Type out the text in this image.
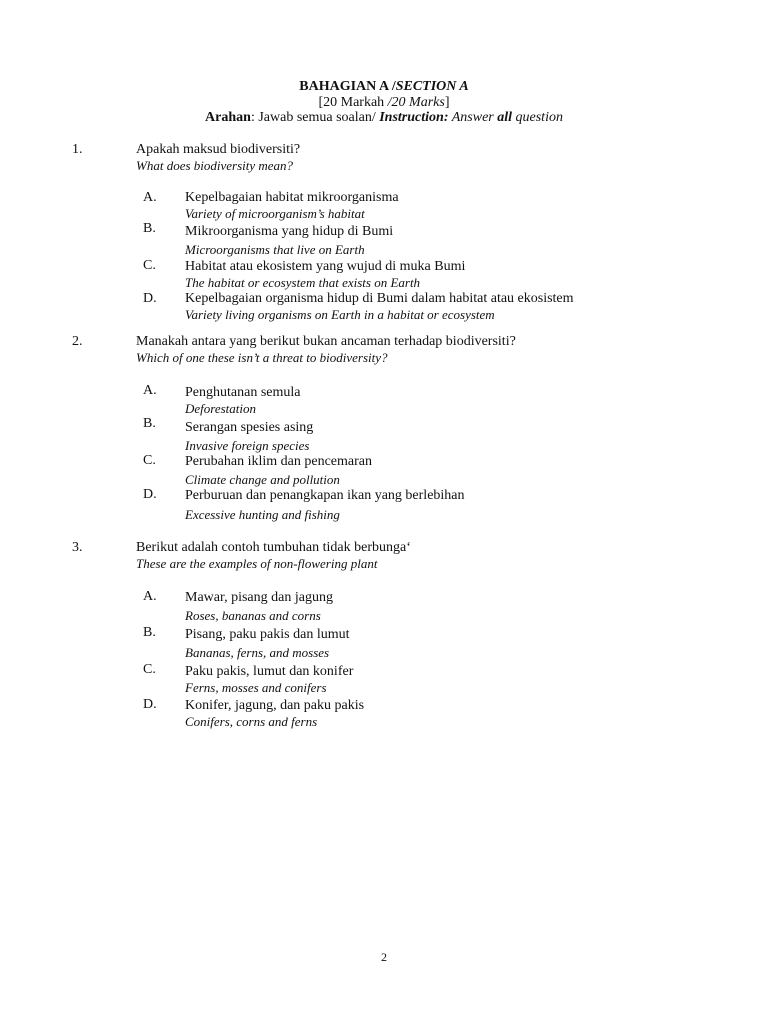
BAHAGIAN A /SECTION A
[20 Markah /20 Marks]
Arahan: Jawab semua soalan/ Instruction: Answer all question
1.	Apakah maksud biodiversiti?
What does biodiversity mean?
A. Kepelbagaian habitat mikroorganisma
Variety of microorganism’s habitat
B. Mikroorganisma yang hidup di Bumi
Microorganisms that live on Earth
C. Habitat atau ekosistem yang wujud di muka Bumi
The habitat or ecosystem that exists on Earth
D. Kepelbagaian organisma hidup di Bumi dalam habitat atau ekosistem
Variety living organisms on Earth in a habitat or ecosystem
2.	Manakah antara yang berikut bukan ancaman terhadap biodiversiti?
Which of one these isn’t a threat to biodiversity?
A. Penghutanan semula
Deforestation
B. Serangan spesies asing
Invasive foreign species
C. Perubahan iklim dan pencemaran
Climate change and pollution
D. Perburuan dan penangkapan ikan yang berlebihan
Excessive hunting and fishing
3.	Berikut adalah contoh tumbuhan tidak berbunga‘
These are the examples of non-flowering plant
A. Mawar, pisang dan jagung
Roses, bananas and corns
B. Pisang, paku pakis dan lumut
Bananas, ferns, and mosses
C. Paku pakis, lumut dan konifer
Ferns, mosses and conifers
D. Konifer, jagung, dan paku pakis
Conifers, corns and ferns
2
